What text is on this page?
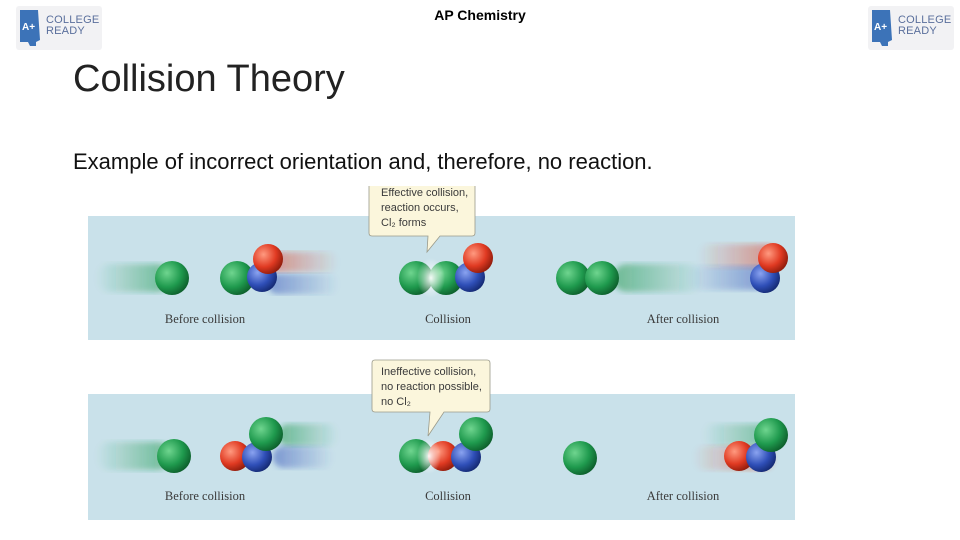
AP Chemistry
A+
COLLEGE
READY	A+
COLLEGE
READY
Collision Theory
Example of incorrect orientation and, therefore, no reaction.
Before collision	Collision	After collision
Effective collision,
reaction occurs,
Cl₂ forms
Before collision	Collision	After collision
Ineffective collision,
no reaction possible,
no Cl₂
